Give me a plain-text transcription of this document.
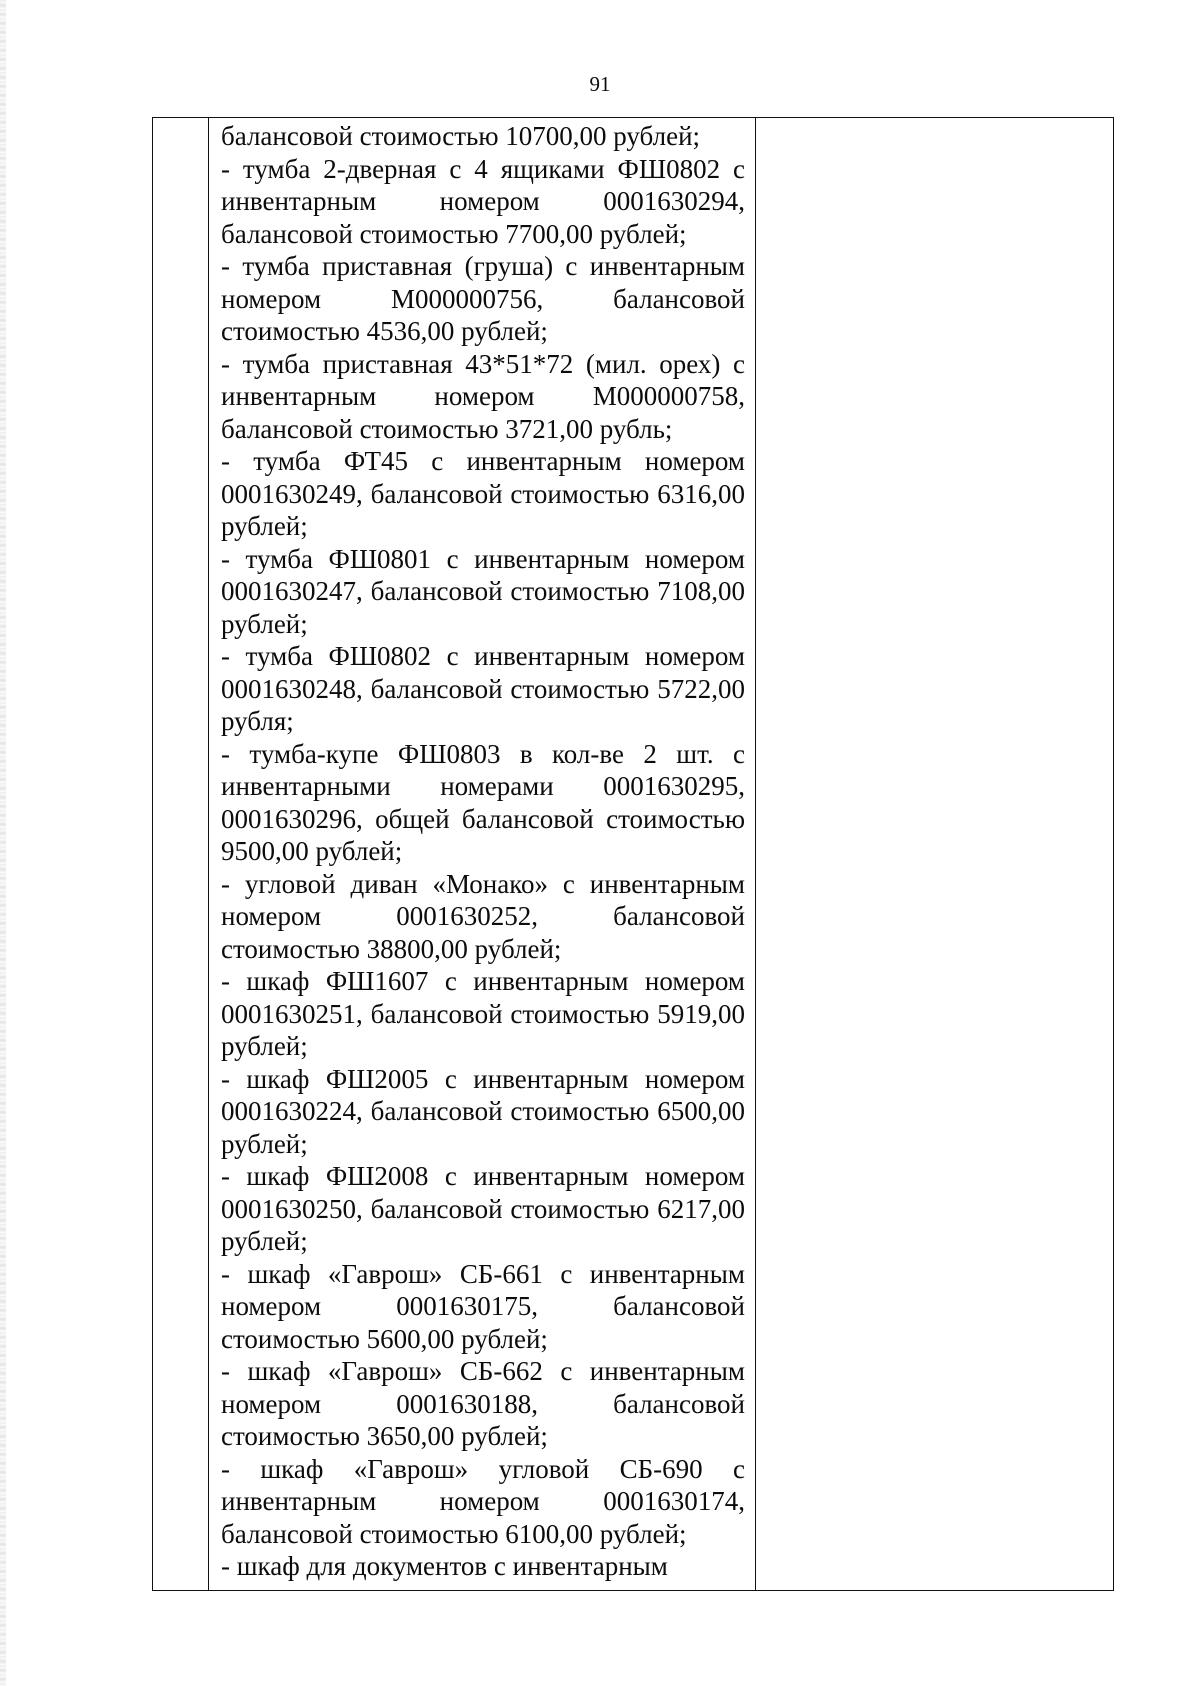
91

балансовой стоимостью 10700,00 рублей;

- тумба 2-дверная с 4 ящиками ФШ0802 с инвентарным номером 0001630294, балансовой стоимостью 7700,00 рублей;

- тумба приставная (груша) с инвентарным номером М000000756, балансовой стоимостью 4536,00 рублей;

- тумба приставная 43*51*72 (мил. орех) с инвентарным номером М000000758, балансовой стоимостью 3721,00 рубль;

- тумба ФТ45 с инвентарным номером 0001630249, балансовой стоимостью 6316,00 рублей;

- тумба ФШ0801 с инвентарным номером 0001630247, балансовой стоимостью 7108,00 рублей;

- тумба ФШ0802 с инвентарным номером 0001630248, балансовой стоимостью 5722,00 рубля;

- тумба-купе ФШ0803 в кол-ве 2 шт. с инвентарными номерами 0001630295, 0001630296, общей балансовой стоимостью 9500,00 рублей;

- угловой диван «Монако» с инвентарным номером 0001630252, балансовой стоимостью 38800,00 рублей;

- шкаф ФШ1607 с инвентарным номером 0001630251, балансовой стоимостью 5919,00 рублей;

- шкаф ФШ2005 с инвентарным номером 0001630224, балансовой стоимостью 6500,00 рублей;

- шкаф ФШ2008 с инвентарным номером 0001630250, балансовой стоимостью 6217,00 рублей;

- шкаф «Гаврош» СБ-661 с инвентарным номером 0001630175, балансовой стоимостью 5600,00 рублей;

- шкаф «Гаврош» СБ-662 с инвентарным номером 0001630188, балансовой стоимостью 3650,00 рублей;

- шкаф «Гаврош» угловой СБ-690 с инвентарным номером 0001630174, балансовой стоимостью 6100,00 рублей;

- шкаф для документов с инвентарным
